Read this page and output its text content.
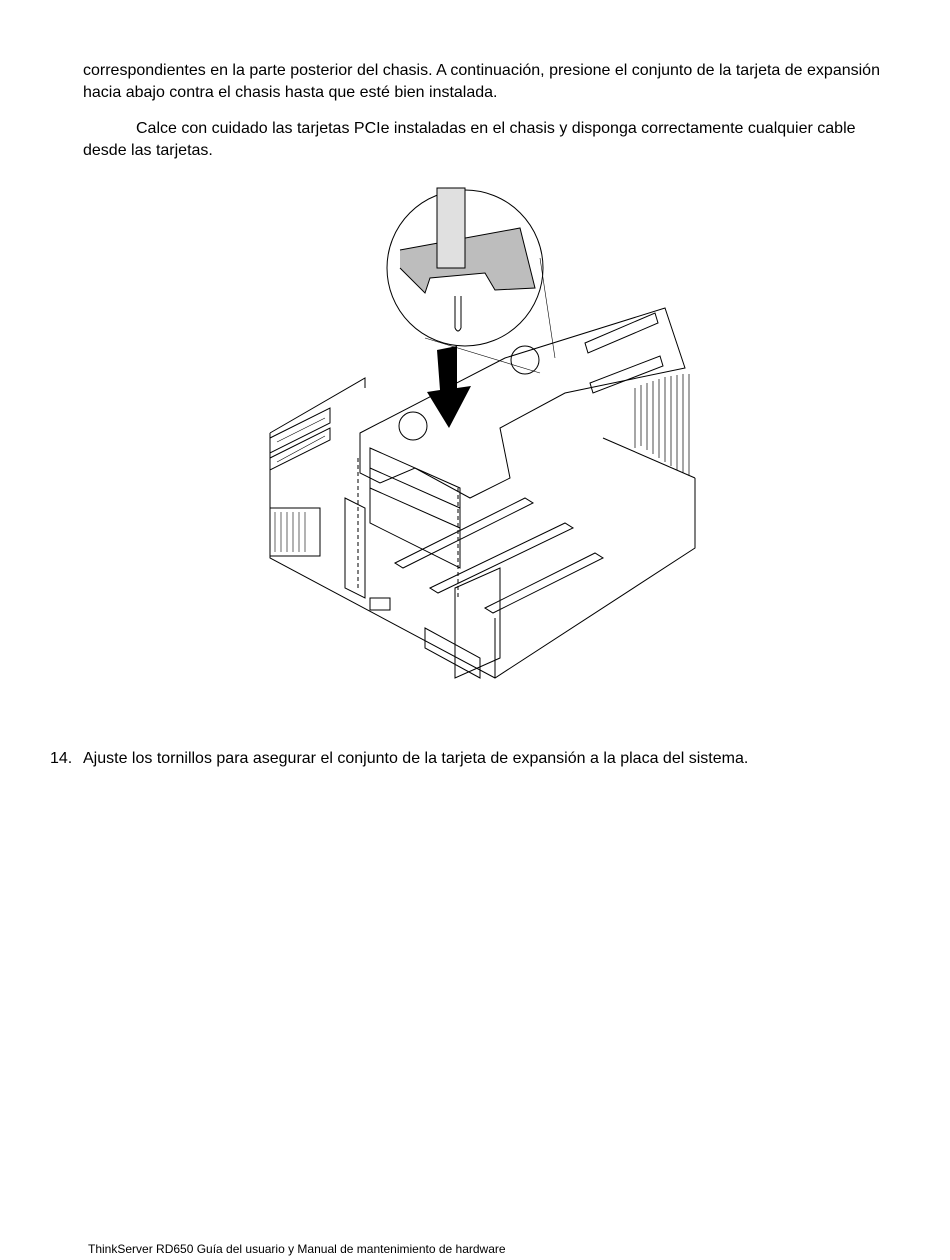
correspondientes en la parte posterior del chasis. A continuación, presione el conjunto de la tarjeta de expansión hacia abajo contra el chasis hasta que esté bien instalada.

Calce con cuidado las tarjetas PCIe instaladas en el chasis y disponga correctamente cualquier cable desde las tarjetas.

14. Ajuste los tornillos para asegurar el conjunto de la tarjeta de expansión a la placa del sistema.
ThinkServer RD650 Guía del usuario y Manual de mantenimiento de hardware
